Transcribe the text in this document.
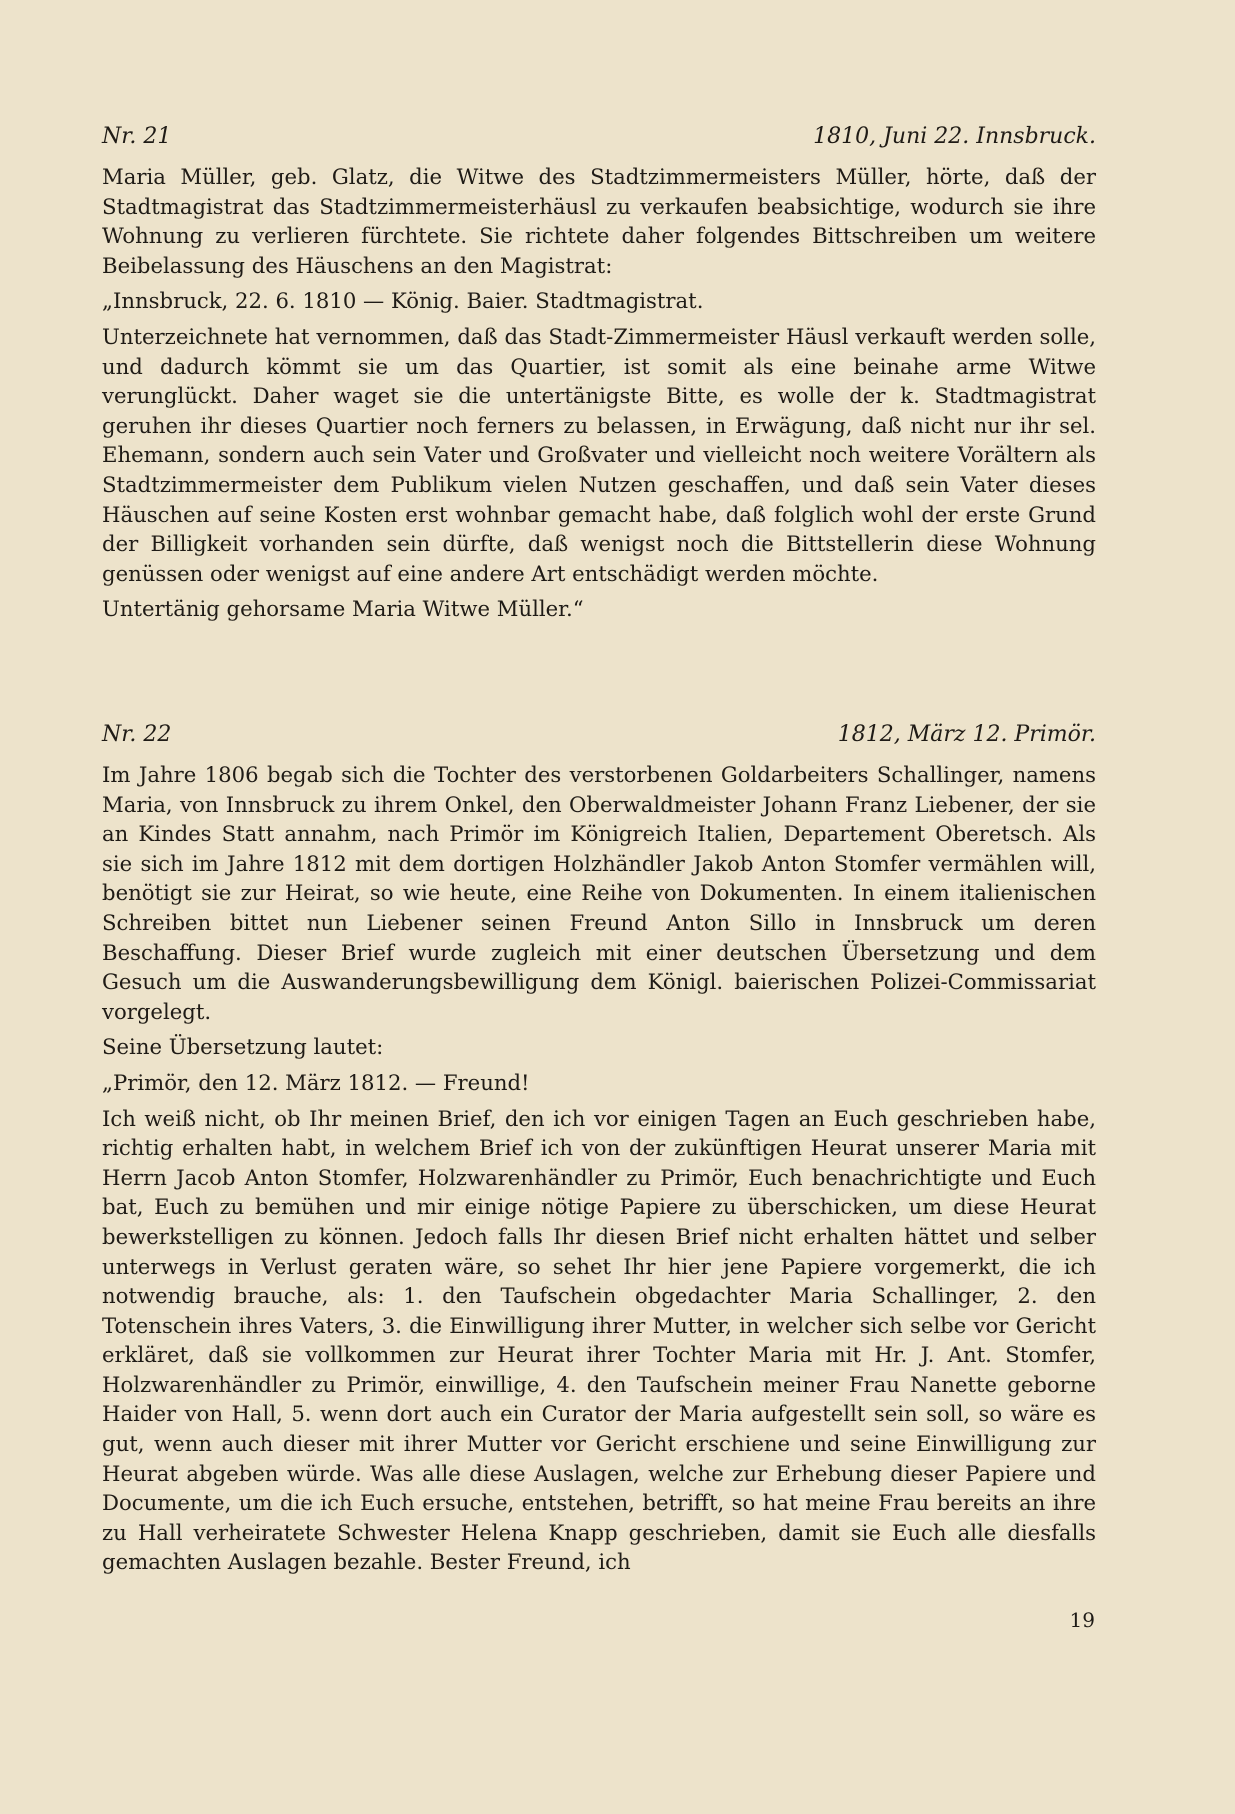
Nr. 21	1810, Juni 22. Innsbruck.

Maria Müller, geb. Glatz, die Witwe des Stadtzimmermeisters Müller, hörte, daß der Stadtmagistrat das Stadtzimmermeisterhäusl zu verkaufen beabsichtige, wodurch sie ihre Wohnung zu verlieren fürchtete. Sie richtete daher folgendes Bittschreiben um weitere Beibelassung des Häuschens an den Magistrat:

„Innsbruck, 22. 6. 1810 — König. Baier. Stadtmagistrat.

Unterzeichnete hat vernommen, daß das Stadt-Zimmermeister Häusl verkauft werden solle, und dadurch kömmt sie um das Quartier, ist somit als eine beinahe arme Witwe verunglückt. Daher waget sie die untertänigste Bitte, es wolle der k. Stadtmagistrat geruhen ihr dieses Quartier noch ferners zu belassen, in Erwägung, daß nicht nur ihr sel. Ehemann, sondern auch sein Vater und Großvater und vielleicht noch weitere Vorältern als Stadtzimmermeister dem Publikum vielen Nutzen geschaffen, und daß sein Vater dieses Häuschen auf seine Kosten erst wohnbar gemacht habe, daß folglich wohl der erste Grund der Billigkeit vorhanden sein dürfte, daß wenigst noch die Bittstellerin diese Wohnung genüssen oder wenigst auf eine andere Art entschädigt werden möchte.

Untertänig gehorsame Maria Witwe Müller.“

Nr. 22	1812, März 12. Primör.

Im Jahre 1806 begab sich die Tochter des verstorbenen Goldarbeiters Schallinger, namens Maria, von Innsbruck zu ihrem Onkel, den Oberwaldmeister Johann Franz Liebener, der sie an Kindes Statt annahm, nach Primör im Königreich Italien, Departement Oberetsch. Als sie sich im Jahre 1812 mit dem dortigen Holzhändler Jakob Anton Stomfer vermählen will, benötigt sie zur Heirat, so wie heute, eine Reihe von Dokumenten. In einem italienischen Schreiben bittet nun Liebener seinen Freund Anton Sillo in Innsbruck um deren Beschaffung. Dieser Brief wurde zugleich mit einer deutschen Übersetzung und dem Gesuch um die Auswanderungsbewilligung dem Königl. baierischen Polizei-Commissariat vorgelegt.

Seine Übersetzung lautet:

„Primör, den 12. März 1812. — Freund!

Ich weiß nicht, ob Ihr meinen Brief, den ich vor einigen Tagen an Euch geschrieben habe, richtig erhalten habt, in welchem Brief ich von der zukünftigen Heurat unserer Maria mit Herrn Jacob Anton Stomfer, Holzwarenhändler zu Primör, Euch benachrichtigte und Euch bat, Euch zu bemühen und mir einige nötige Papiere zu überschicken, um diese Heurat bewerkstelligen zu können. Jedoch falls Ihr diesen Brief nicht erhalten hättet und selber unterwegs in Verlust geraten wäre, so sehet Ihr hier jene Papiere vorgemerkt, die ich notwendig brauche, als: 1. den Taufschein obgedachter Maria Schallinger, 2. den Totenschein ihres Vaters, 3. die Einwilligung ihrer Mutter, in welcher sich selbe vor Gericht erkläret, daß sie vollkommen zur Heurat ihrer Tochter Maria mit Hr. J. Ant. Stomfer, Holzwarenhändler zu Primör, einwillige, 4. den Taufschein meiner Frau Nanette geborne Haider von Hall, 5. wenn dort auch ein Curator der Maria aufgestellt sein soll, so wäre es gut, wenn auch dieser mit ihrer Mutter vor Gericht erschiene und seine Einwilligung zur Heurat abgeben würde. Was alle diese Auslagen, welche zur Erhebung dieser Papiere und Documente, um die ich Euch ersuche, entstehen, betrifft, so hat meine Frau bereits an ihre zu Hall verheiratete Schwester Helena Knapp geschrieben, damit sie Euch alle diesfalls gemachten Auslagen bezahle. Bester Freund, ich

19
